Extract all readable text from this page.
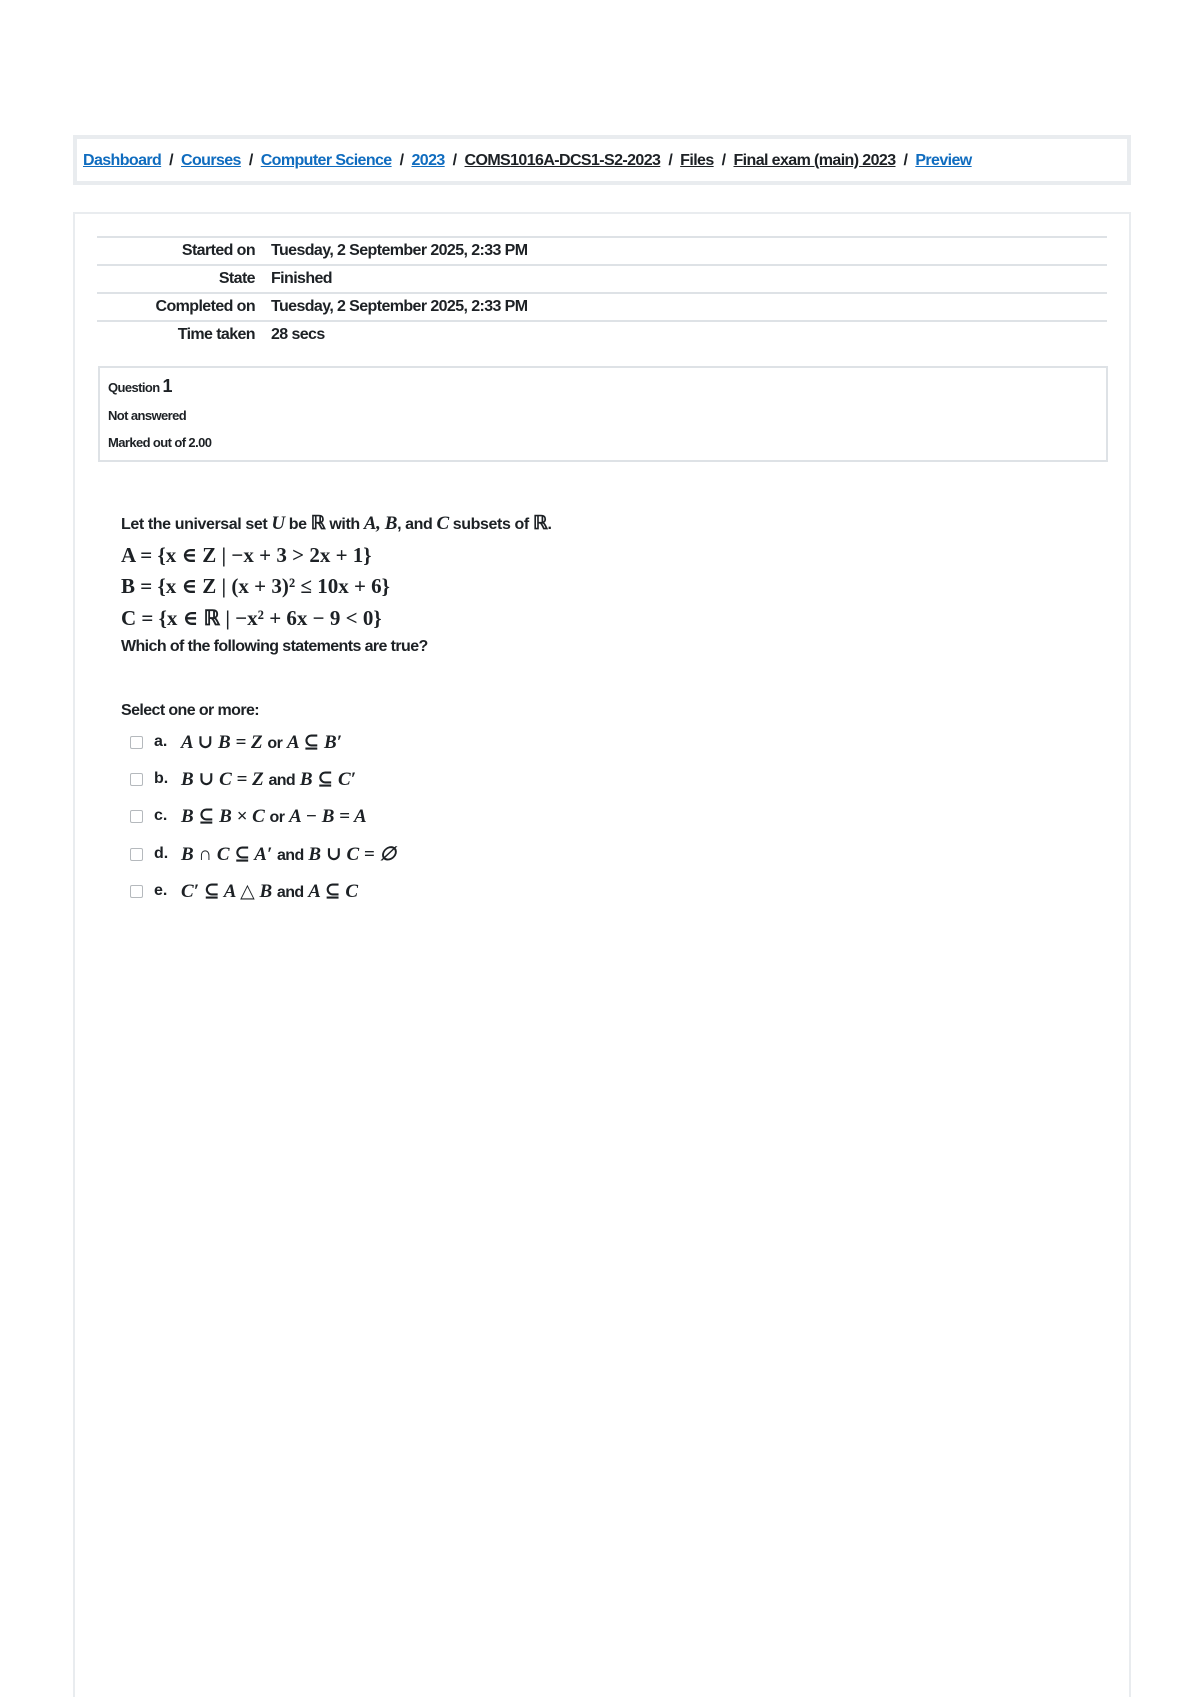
Dashboard / Courses / Computer Science / 2023 / COMS1016A-DCS1-S2-2023 / Files / Final exam (main) 2023 / Preview
Started on	Tuesday, 2 September 2025, 2:33 PM
State	Finished
Completed on	Tuesday, 2 September 2025, 2:33 PM
Time taken	28 secs
Question 1
Not answered
Marked out of 2.00
Let the universal set U be ℝ with A, B, and C subsets of ℝ.
A = {x ∈ Z | −x + 3 > 2x + 1}
B = {x ∈ Z | (x + 3)² ≤ 10x + 6}
C = {x ∈ ℝ | −x² + 6x − 9 < 0}
Which of the following statements are true?
Select one or more:
a. A ∪ B = Z or A ⊆ B′
b. B ∪ C = Z and B ⊆ C′
c. B ⊆ B × C or A − B = A
d. B ∩ C ⊆ A′ and B ∪ C = ∅
e. C′ ⊆ A △ B and A ⊆ C
